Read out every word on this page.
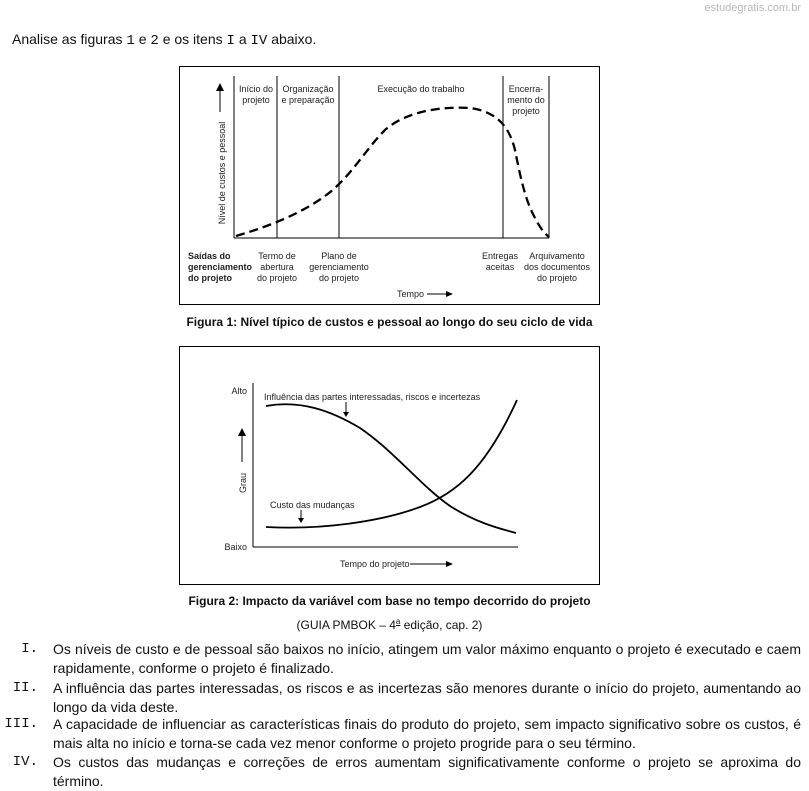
estudegratis.com.br
Analise as figuras 1 e 2 e os itens I a IV abaixo.
Nível de custos e pessoal
Início do
projeto
Organização
e preparação
Execução do trabalho	Encerra-
mento do
projeto
Saídas do
gerenciamento
do projeto
Termo de
abertura
do projeto
Plano de
gerenciamento
do projeto
Entregas
aceitas
Arquivamento
dos documentos
do projeto
Tempo
Alto
Baixo
Grau
Influência das partes interessadas, riscos e incertezas
Custo das mudanças
Tempo do projeto
Figura 1: Nível típico de custos e pessoal ao longo do seu ciclo de vida
Figura 2: Impacto da variável com base no tempo decorrido do projeto
(GUIA PMBOK – 4$^a$ edição, cap. 2)
I. Os níveis de custo e de pessoal são baixos no início, atingem um valor máximo enquanto o projeto é executado e caem rapidamente, conforme o projeto é finalizado.
II. A influência das partes interessadas, os riscos e as incertezas são menores durante o início do projeto, aumentando ao longo da vida deste.
III. A capacidade de influenciar as características finais do produto do projeto, sem impacto significativo sobre os custos, é mais alta no início e torna-se cada vez menor conforme o projeto progride para o seu término.
IV. Os custos das mudanças e correções de erros aumentam significativamente conforme o projeto se aproxima do término.
